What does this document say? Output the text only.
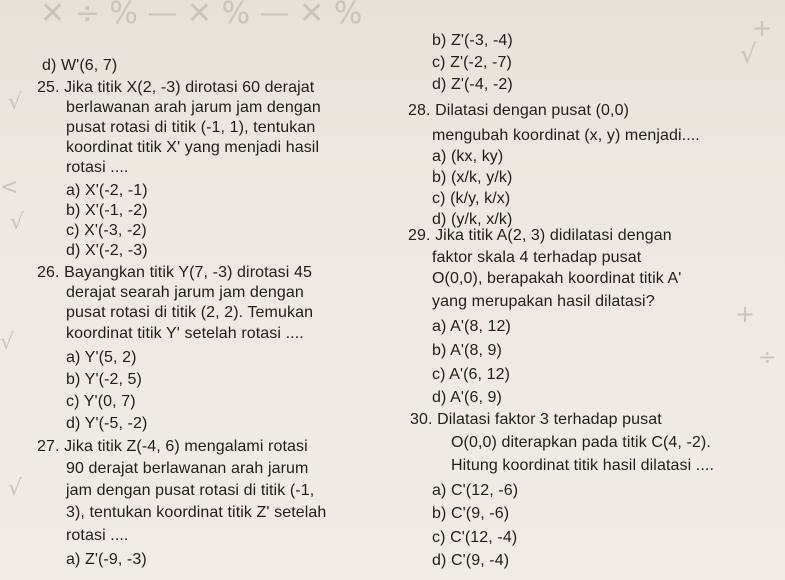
✕ ÷ % — ✕ % — ✕ %
√
<
√
√
√
√
+
÷
+
d) W'(6, 7)
25. Jika titik X(2, -3) dirotasi 60 derajat
berlawanan arah jarum jam dengan
pusat rotasi di titik (-1, 1), tentukan
koordinat titik X' yang menjadi hasil
rotasi ....
a) X'(-2, -1)
b) X'(-1, -2)
c) X'(-3, -2)
d) X'(-2, -3)
26. Bayangkan titik Y(7, -3) dirotasi 45
derajat searah jarum jam dengan
pusat rotasi di titik (2, 2). Temukan
koordinat titik Y' setelah rotasi ....
a) Y'(5, 2)
b) Y'(-2, 5)
c) Y'(0, 7)
d) Y'(-5, -2)
27. Jika titik Z(-4, 6) mengalami rotasi
90 derajat berlawanan arah jarum
jam dengan pusat rotasi di titik (-1,
3), tentukan koordinat titik Z' setelah
rotasi ....
a) Z'(-9, -3)
b) Z'(-3, -4)
c) Z'(-2, -7)
d) Z'(-4, -2)
28. Dilatasi dengan pusat (0,0)
mengubah koordinat (x, y) menjadi....
a) (kx, ky)
b) (x/k, y/k)
c) (k/y, k/x)
d) (y/k, x/k)
29. Jika titik A(2, 3) didilatasi dengan
faktor skala 4 terhadap pusat
O(0,0), berapakah koordinat titik A'
yang merupakan hasil dilatasi?
a) A'(8, 12)
b) A'(8, 9)
c) A'(6, 12)
d) A'(6, 9)
30. Dilatasi faktor 3 terhadap pusat
O(0,0) diterapkan pada titik C(4, -2).
Hitung koordinat titik hasil dilatasi ....
a) C'(12, -6)
b) C'(9, -6)
c) C'(12, -4)
d) C'(9, -4)
